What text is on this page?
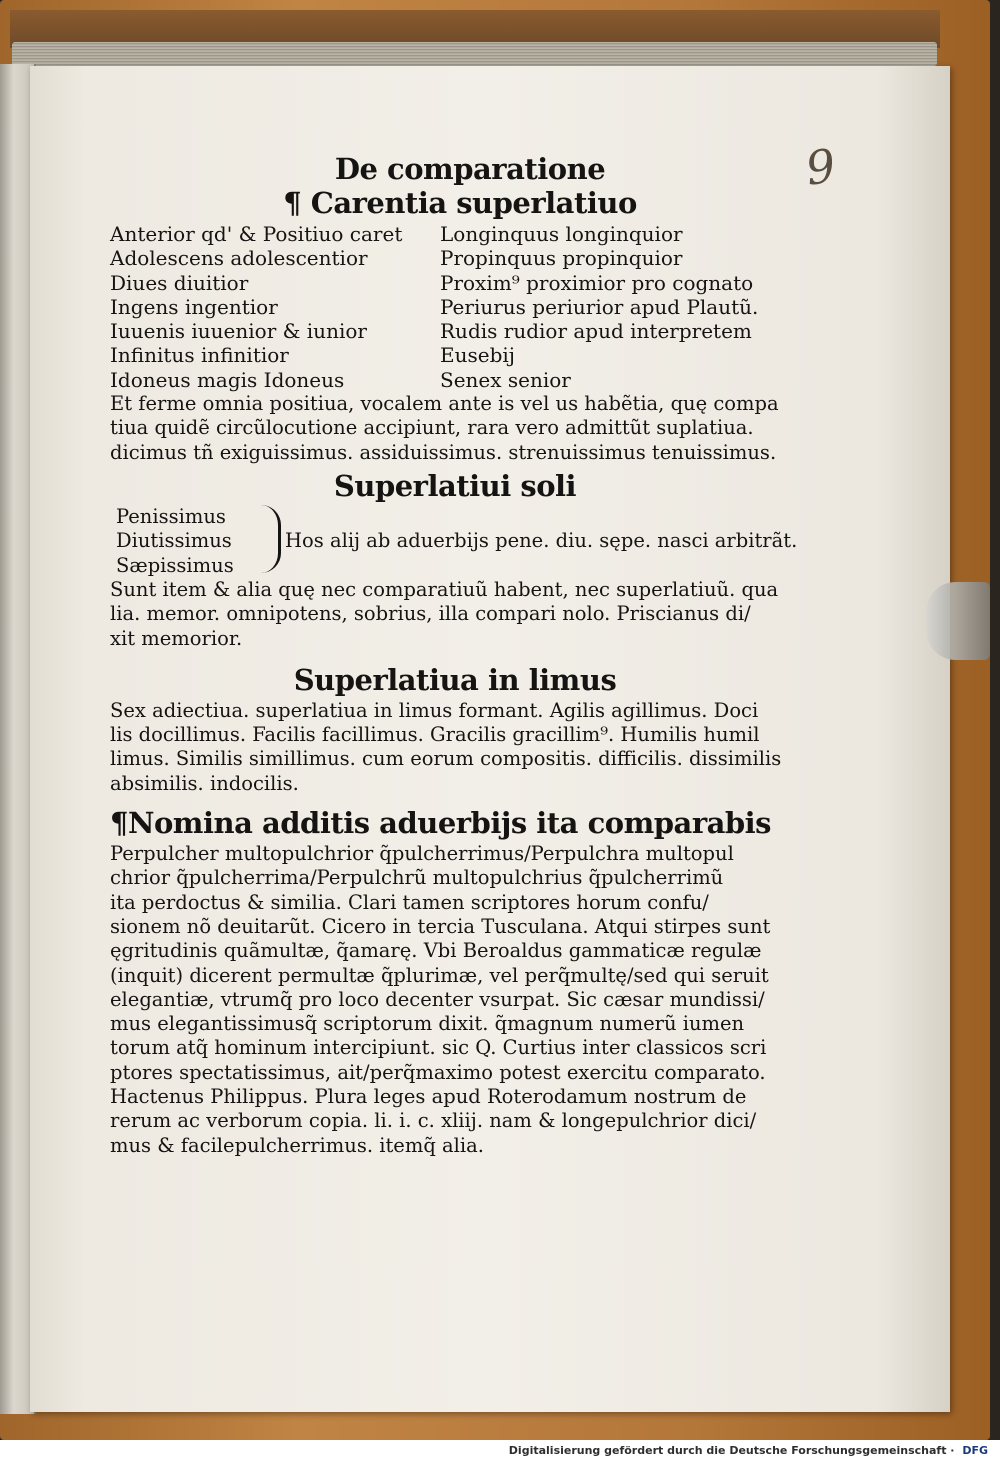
9
De comparatione
¶ Carentia superlatiuo
Anterior qd' & Positiuo caret
Adolescens adolescentior
Diues diuitior
Ingens ingentior
Iuuenis iuuenior & iunior
Infinitus infinitior
Idoneus magis Idoneus
Longinquus longinquior
Propinquus propinquior
Proxim⁹ proximior pro cognato
Periurus periurior apud Plautũ.
Rudis rudior apud interpretem
Eusebij
Senex senior
Et ferme omnia positiua, vocalem ante is vel us habẽtia, quę compa
tiua quidẽ circũlocutione accipiunt, rara vero admittũt suplatiua.
dicimus tñ exiguissimus. assiduissimus. strenuissimus tenuissimus.
Superlatiui soli
Penissimus
Diutissimus
Sæpissimus
Hos alij ab aduerbijs pene. diu. sępe. nasci arbitrãt.
Sunt item & alia quę nec comparatiuũ habent, nec superlatiuũ. qua
lia. memor. omnipotens, sobrius, illa compari nolo. Priscianus di/
xit memorior.
Superlatiua in limus
Sex adiectiua. superlatiua in limus formant. Agilis agillimus. Doci
lis docillimus. Facilis facillimus. Gracilis gracillim⁹. Humilis humil
limus. Similis simillimus. cum eorum compositis. difficilis. dissimilis
absimilis. indocilis.
¶Nomina additis aduerbijs ita comparabis
Perpulcher multopulchrior q̃pulcherrimus/Perpulchra multopul
chrior q̃pulcherrima/Perpulchrũ multopulchrius q̃pulcherrimũ
ita perdoctus & similia. Clari tamen scriptores horum confu/
sionem nõ deuitarũt. Cicero in tercia Tusculana. Atqui stirpes sunt
ęgritudinis quãmultæ, q̃amarę. Vbi Beroaldus gammaticæ regulæ
(inquit) dicerent permultæ q̃plurimæ, vel perq̃multę/sed qui seruit
elegantiæ, vtrumq̃ pro loco decenter vsurpat. Sic cæsar mundissi/
mus elegantissimusq̃ scriptorum dixit. q̃magnum numerũ iumen
torum atq̃ hominum intercipiunt. sic Q. Curtius inter classicos scri
ptores spectatissimus, ait/perq̃maximo potest exercitu comparato.
Hactenus Philippus. Plura leges apud Roterodamum nostrum de
rerum ac verborum copia. li. i. c. xliij. nam & longepulchrior dici/
mus & facilepulcherrimus. itemq̃ alia.
Digitalisierung gefördert durch die Deutsche Forschungsgemeinschaft · DFG
